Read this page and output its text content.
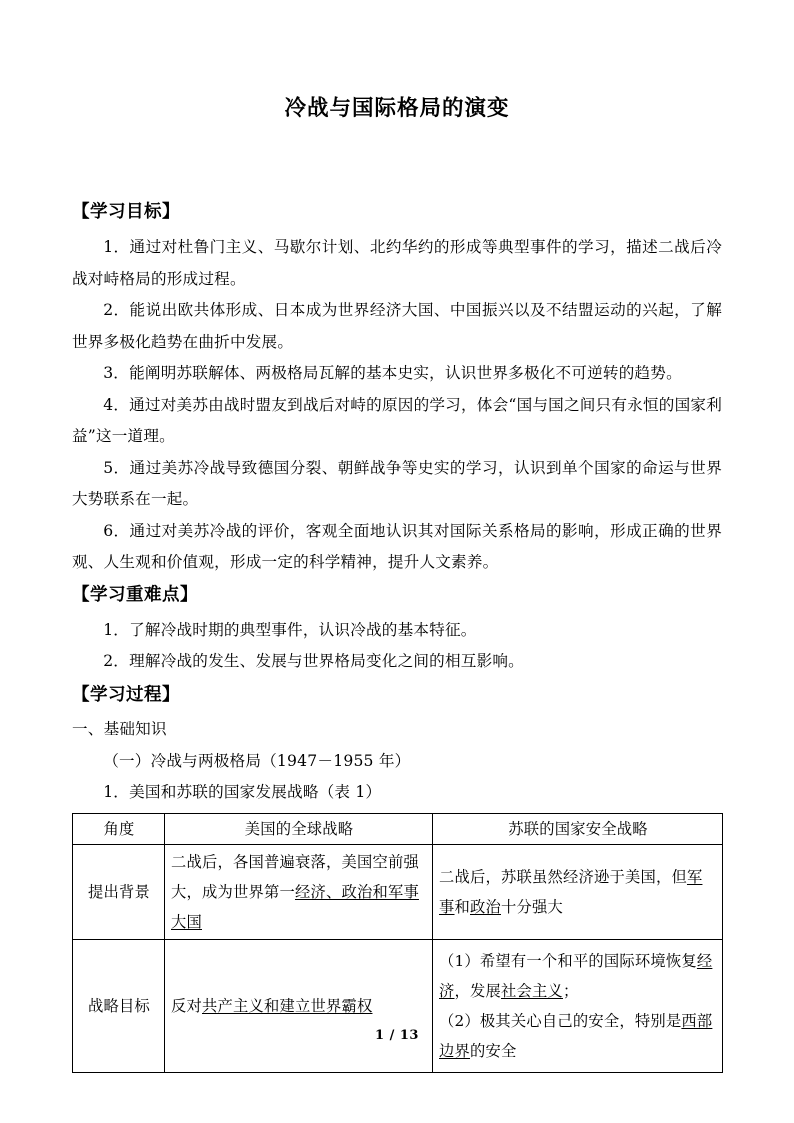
冷战与国际格局的演变
【学习目标】

1．通过对杜鲁门主义、马歇尔计划、北约华约的形成等典型事件的学习，描述二战后冷战对峙格局的形成过程。

2．能说出欧共体形成、日本成为世界经济大国、中国振兴以及不结盟运动的兴起，了解世界多极化趋势在曲折中发展。

3．能阐明苏联解体、两极格局瓦解的基本史实，认识世界多极化不可逆转的趋势。

4．通过对美苏由战时盟友到战后对峙的原因的学习，体会“国与国之间只有永恒的国家利益”这一道理。

5．通过美苏冷战导致德国分裂、朝鲜战争等史实的学习，认识到单个国家的命运与世界大势联系在一起。

6．通过对美苏冷战的评价，客观全面地认识其对国际关系格局的影响，形成正确的世界观、人生观和价值观，形成一定的科学精神，提升人文素养。

【学习重难点】

1．了解冷战时期的典型事件，认识冷战的基本特征。

2．理解冷战的发生、发展与世界格局变化之间的相互影响。

【学习过程】

一、基础知识

（一）冷战与两极格局（1947－1955 年）

1．美国和苏联的国家发展战略（表 1）

角度	美国的全球战略	苏联的国家安全战略
提出背景	二战后，各国普遍衰落，美国空前强大，成为世界第一经济、政治和军事大国	二战后，苏联虽然经济逊于美国，但军事和政治十分强大
战略目标	反对共产主义和建立世界霸权	（1）希望有一个和平的国际环境恢复经济，发展社会主义；
（2）极其关心自己的安全，特别是西部边界的安全
1 / 13
